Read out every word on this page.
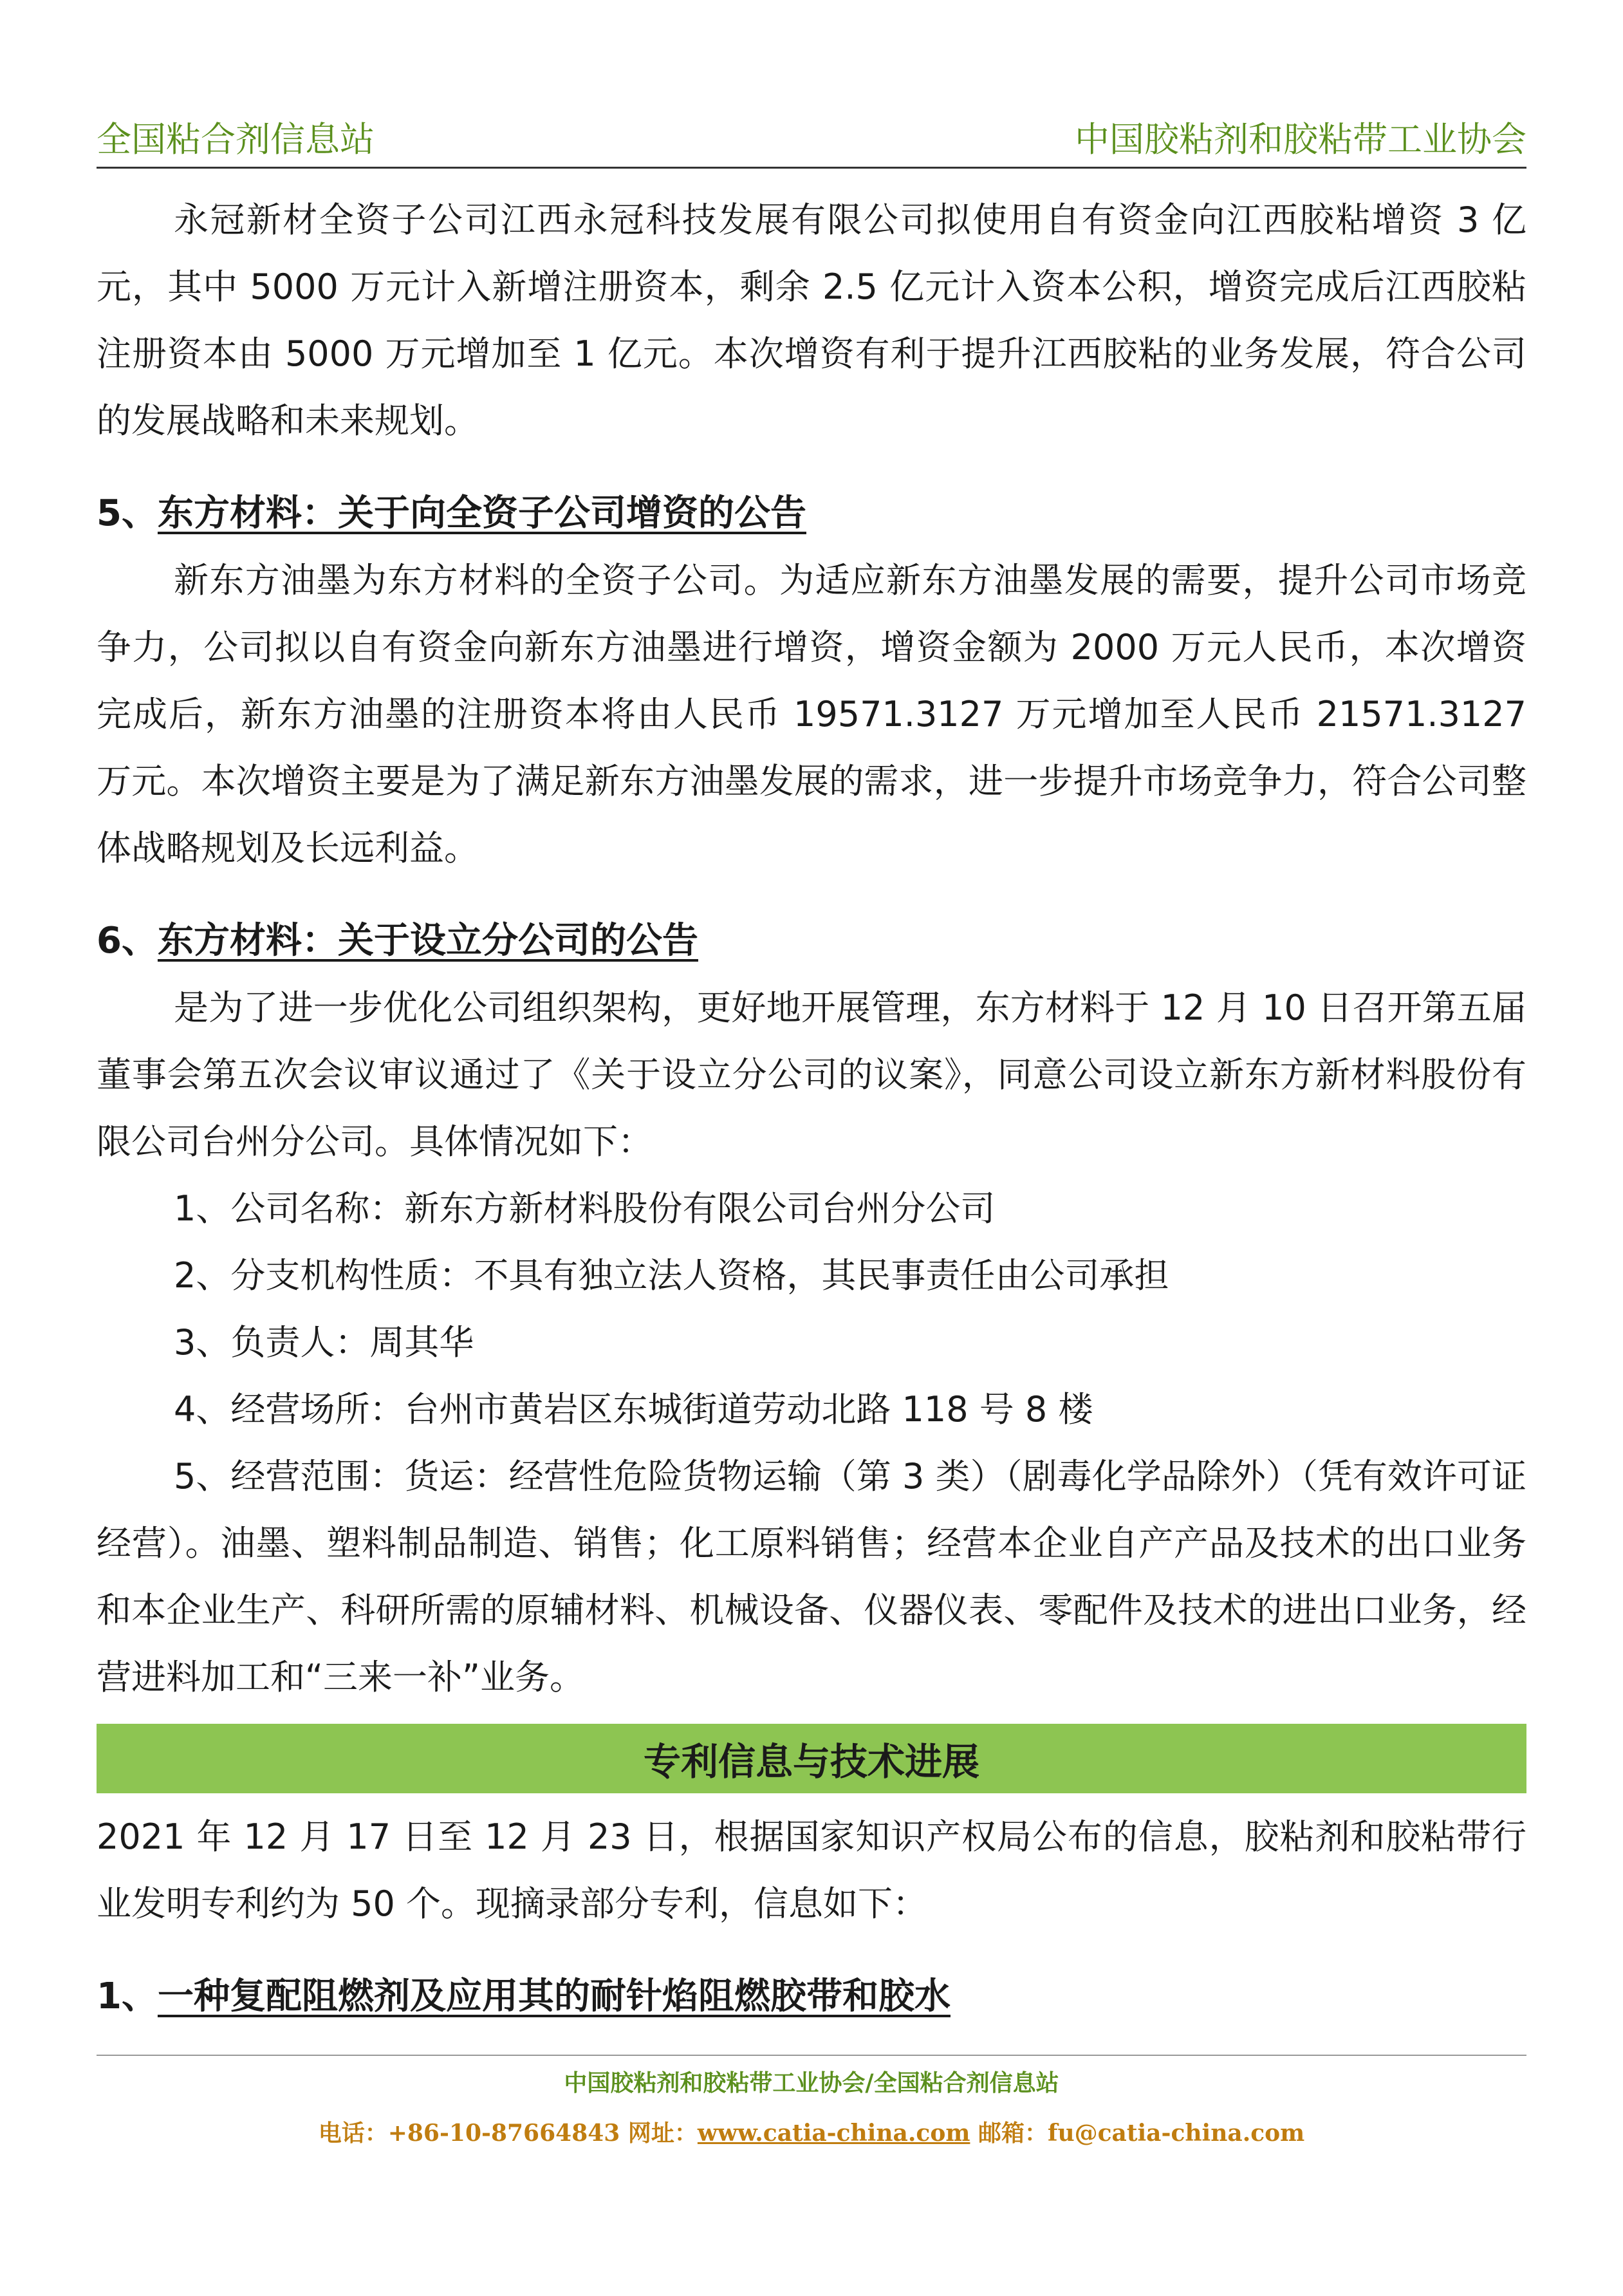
全国粘合剂信息站	中国胶粘剂和胶粘带工业协会

永冠新材全资子公司江西永冠科技发展有限公司拟使用自有资金向江西胶粘增资 3 亿元，其中 5000 万元计入新增注册资本，剩余 2.5 亿元计入资本公积，增资完成后江西胶粘注册资本由 5000 万元增加至 1 亿元。本次增资有利于提升江西胶粘的业务发展，符合公司的发展战略和未来规划。

5、东方材料：关于向全资子公司增资的公告

新东方油墨为东方材料的全资子公司。为适应新东方油墨发展的需要，提升公司市场竞争力，公司拟以自有资金向新东方油墨进行增资，增资金额为 2000 万元人民币，本次增资完成后，新东方油墨的注册资本将由人民币 19571.3127 万元增加至人民币 21571.3127 万元。本次增资主要是为了满足新东方油墨发展的需求，进一步提升市场竞争力，符合公司整体战略规划及长远利益。

6、东方材料：关于设立分公司的公告

是为了进一步优化公司组织架构，更好地开展管理，东方材料于 12 月 10 日召开第五届董事会第五次会议审议通过了《关于设立分公司的议案》，同意公司设立新东方新材料股份有限公司台州分公司。具体情况如下：

1、公司名称：新东方新材料股份有限公司台州分公司
2、分支机构性质：不具有独立法人资格，其民事责任由公司承担
3、负责人：周其华
4、经营场所：台州市黄岩区东城街道劳动北路 118 号 8 楼

5、经营范围：货运：经营性危险货物运输（第 3 类）（剧毒化学品除外）（凭有效许可证经营）。油墨、塑料制品制造、销售；化工原料销售；经营本企业自产产品及技术的出口业务和本企业生产、科研所需的原辅材料、机械设备、仪器仪表、零配件及技术的进出口业务，经营进料加工和“三来一补”业务。

专利信息与技术进展

2021 年 12 月 17 日至 12 月 23 日，根据国家知识产权局公布的信息，胶粘剂和胶粘带行业发明专利约为 50 个。现摘录部分专利，信息如下：

1、一种复配阻燃剂及应用其的耐针焰阻燃胶带和胶水
中国胶粘剂和胶粘带工业协会/全国粘合剂信息站
电话：+86-10-87664843 网址：www.catia-china.com 邮箱：fu@catia-china.com
